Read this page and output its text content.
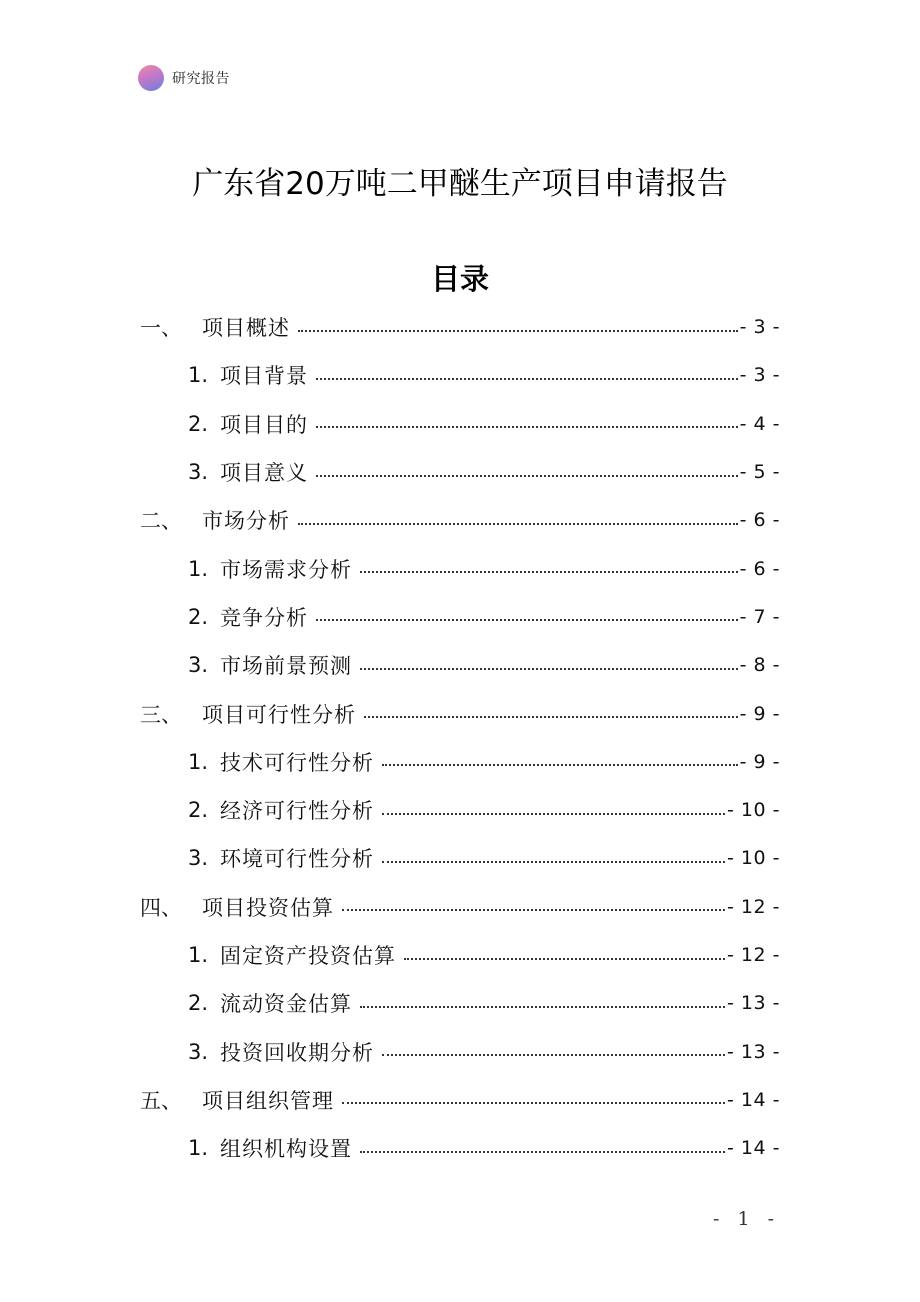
研究报告
广东省20万吨二甲醚生产项目申请报告
目录
一、 项目概述	- 3 -
1. 项目背景	- 3 -
2. 项目目的	- 4 -
3. 项目意义	- 5 -
二、 市场分析	- 6 -
1. 市场需求分析	- 6 -
2. 竞争分析	- 7 -
3. 市场前景预测	- 8 -
三、 项目可行性分析	- 9 -
1. 技术可行性分析	- 9 -
2. 经济可行性分析	- 10 -
3. 环境可行性分析	- 10 -
四、 项目投资估算	- 12 -
1. 固定资产投资估算	- 12 -
2. 流动资金估算	- 13 -
3. 投资回收期分析	- 13 -
五、 项目组织管理	- 14 -
1. 组织机构设置	- 14 -
- 1 -
